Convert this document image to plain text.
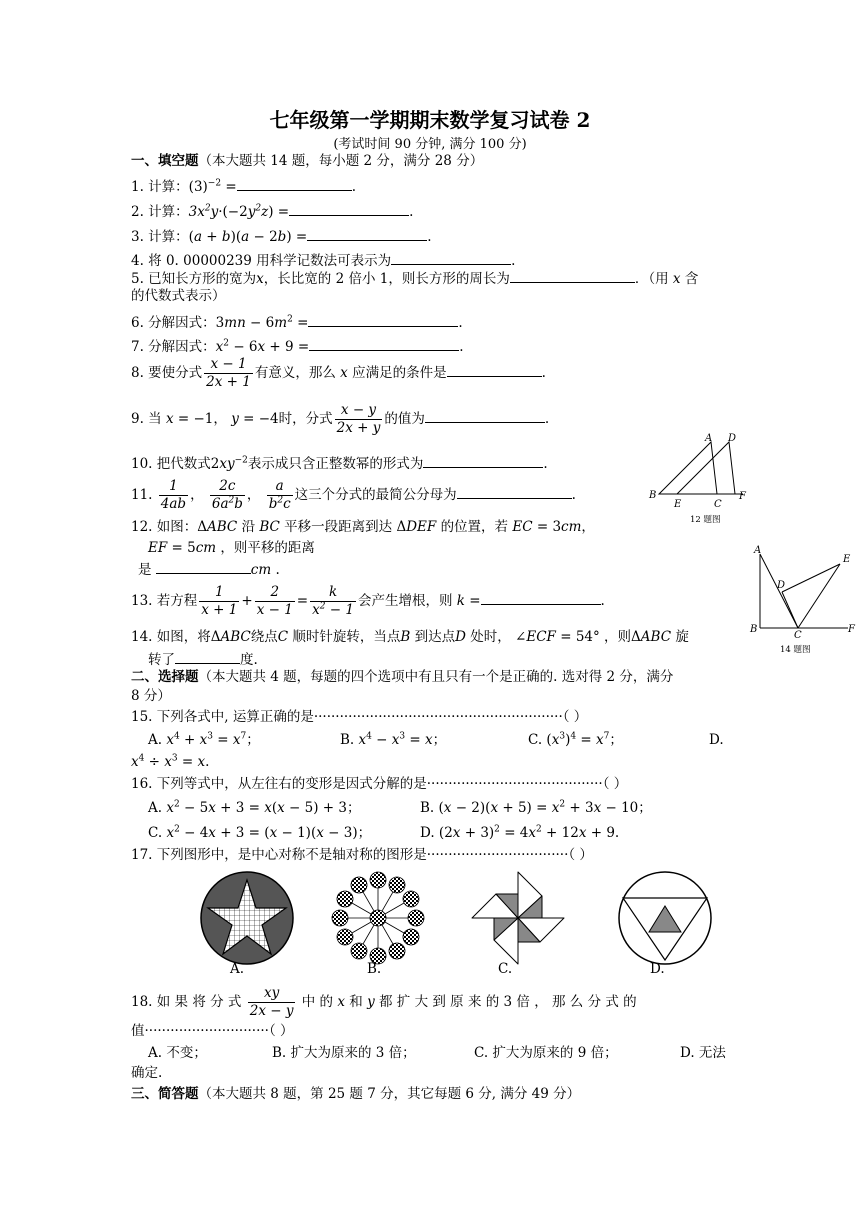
七年级第一学期期末数学复习试卷 2
(考试时间 90 分钟, 满分 100 分)
一、填空题（本大题共 14 题，每小题 2 分，满分 28 分）
1. 计算：$(3)^{-2}$ =	.
2. 计算：$3x^2y\cdot(-2y^2z)$ =	.
3. 计算：(a + b)(a − 2b) =	.
4. 将 0. 00000239 用科学记数法可表示为	.
5. 已知长方形的宽为x，长比宽的 2 倍小 1，则长方形的周长为	．（用 x 含
的代数式表示）
6. 分解因式：$3mn - 6m^2$ =	.
7. 分解因式：$x^2 - 6x + 9$ =	.
8. 要使分式 $\frac{x - 1}{2x + 1}$ 有意义，那么 x 应满足的条件是	.
9. 当 x = −1， y = −4时，分式 $\frac{x - y}{2x + y}$ 的值为	.
10. 把代数式$2xy^{-2}$表示成只含正整数幂的形式为	.
11. $\frac{1}{4ab}$ ， $\frac{2c}{6a^2b}$ ， $\frac{a}{b^2c}$ 这三个分式的最简公分母为	.
12. 如图：ΔABC 沿 BC 平移一段距离到达 ΔDEF 的位置，若 EC = 3cm，
EF = 5cm ，则平移的距离
是	cm .
13. 若方程 $\frac{1}{x + 1} + \frac{2}{x - 1} = \frac{k}{x^2 - 1}$ 会产生增根，则 k =	.
14. 如图，将ΔABC绕点C 顺时针旋转，当点B 到达点D 处时， ∠ECF = 54° ，则ΔABC 旋
转了	度.
二、选择题（本大题共 4 题，每题的四个选项中有且只有一个是正确的. 选对得 2 分，满分
8 分）
15. 下列各式中, 运算正确的是··························································（ ）
A. $x^4 + x^3 = x^7$；	B. $x^4 - x^3 = x$；	C. $(x^3)^4 = x^7$；	D.
$x^4 \div x^3 = x$.
16. 下列等式中，从左往右的变形是因式分解的是·········································（ ）
A. $x^2 - 5x + 3 = x(x - 5) + 3$；	B. $(x - 2)(x + 5) = x^2 + 3x - 10$；
C. $x^2 - 4x + 3 = (x - 1)(x - 3)$；	D. $(2x + 3)^2 = 4x^2 + 12x + 9$.
17. 下列图形中，是中心对称不是轴对称的图形是·································（ ）
A.	B.	C.	D.
18. 如 果 将 分 式 $\frac{xy}{2x - y}$ 中 的 x 和 y 都 扩 大 到 原 来 的 3 倍 ， 那 么 分 式 的
值·····························（ ）
A. 不变；	B. 扩大为原来的 3 倍；	C. 扩大为原来的 9 倍；	D. 无法
确定.
三、简答题（本大题共 8 题，第 25 题 7 分，其它每题 6 分, 满分 49 分）
A D
B
E	C
F
12 题图
A
E
D
B
C
F
14 题图
